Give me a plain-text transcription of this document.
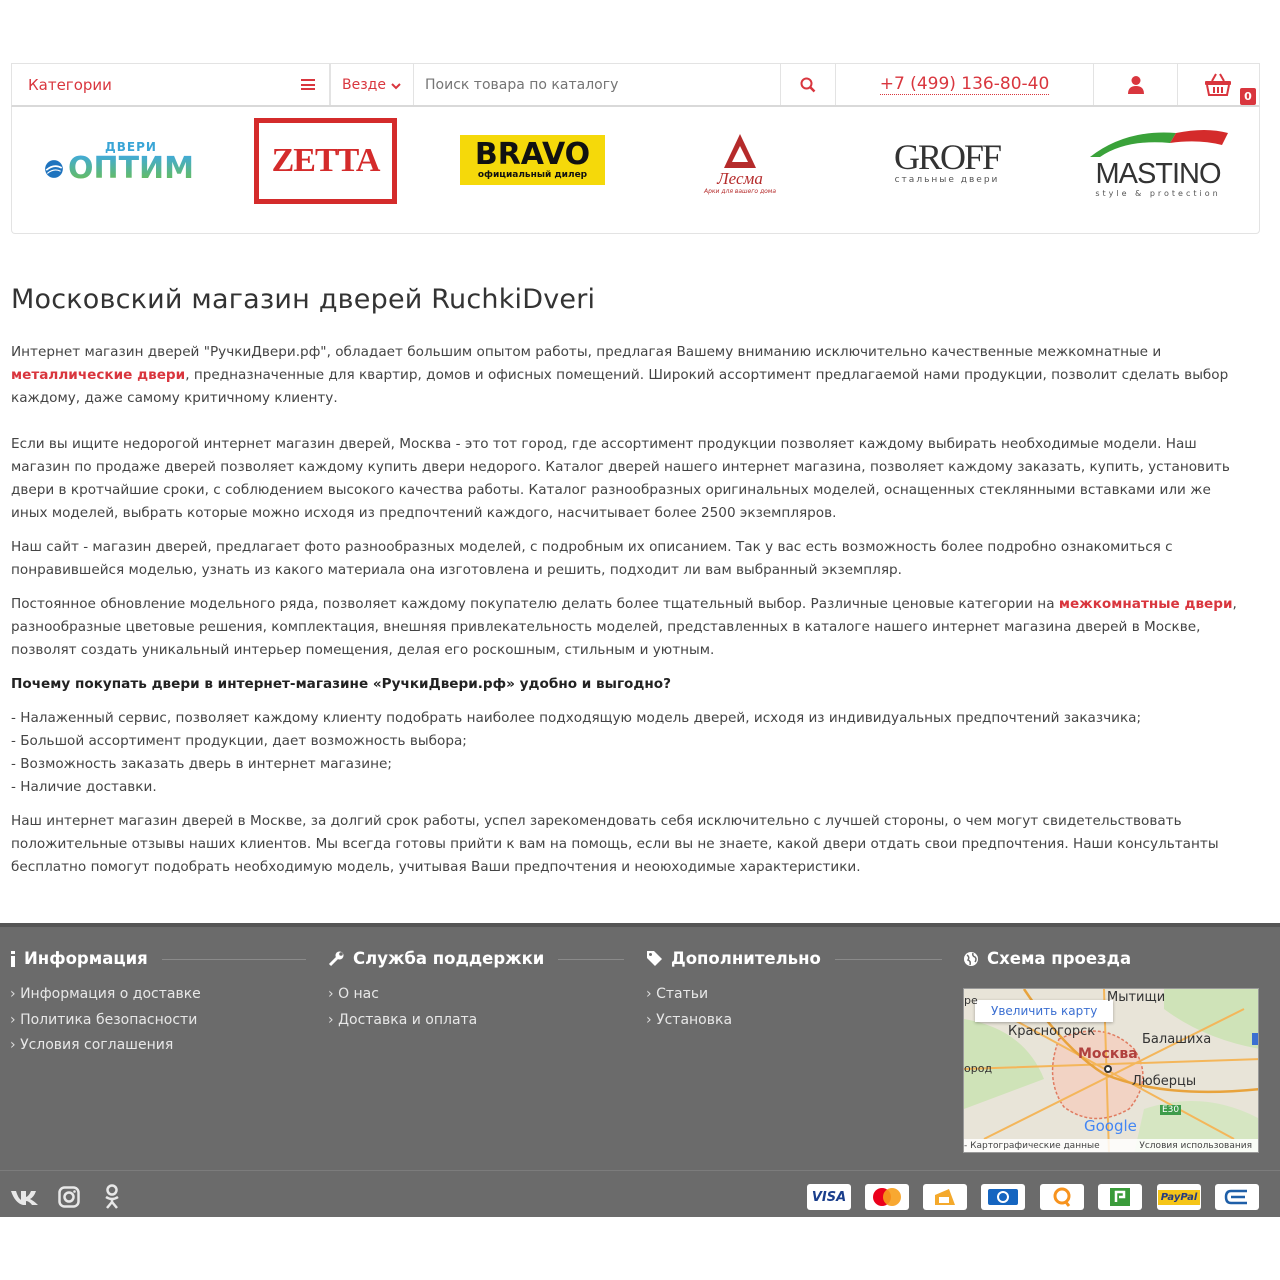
Категории	Везде
Поиск товара по каталогу	+7 (499) 136-80-40
0
ДВЕРИ
ОПТИМ ZETTA	BRAVO
официальный дилер	Лесма
Арки для вашего дома
GROFF
стальные двери	MASTINO
style & protection
Московский магазин дверей RuchkiDveri

Интернет магазин дверей "РучкиДвери.рф", обладает большим опытом работы, предлагая Вашему вниманию исключительно качественные межкомнатные и металлические двери, предназначенные для квартир, домов и офисных помещений. Широкий ассортимент предлагаемой нами продукции, позволит сделать выбор каждому, даже самому критичному клиенту.

Если вы ищите недорогой интернет магазин дверей, Москва - это тот город, где ассортимент продукции позволяет каждому выбирать необходимые модели. Наш магазин по продаже дверей позволяет каждому купить двери недорого. Каталог дверей нашего интернет магазина, позволяет каждому заказать, купить, установить двери в кротчайшие сроки, с соблюдением высокого качества работы. Каталог разнообразных оригинальных моделей, оснащенных стеклянными вставками или же иных моделей, выбрать которые можно исходя из предпочтений каждого, насчитывает более 2500 экземпляров.

Наш сайт - магазин дверей, предлагает фото разнообразных моделей, с подробным их описанием. Так у вас есть возможность более подробно ознакомиться с понравившейся моделью, узнать из какого материала она изготовлена и решить, подходит ли вам выбранный экземпляр.

Постоянное обновление модельного ряда, позволяет каждому покупателю делать более тщательный выбор. Различные ценовые категории на межкомнатные двери, разнообразные цветовые решения, комплектация, внешняя привлекательность моделей, представленных в каталоге нашего интернет магазина дверей в Москве, позволят создать уникальный интерьер помещения, делая его роскошным, стильным и уютным.

Почему покупать двери в интернет-магазине «РучкиДвери.рф» удобно и выгодно?

- Налаженный сервис, позволяет каждому клиенту подобрать наиболее подходящую модель дверей, исходя из индивидуальных предпочтений заказчика;
- Большой ассортимент продукции, дает возможность выбора;
- Возможность заказать дверь в интернет магазине;
- Наличие доставки.

Наш интернет магазин дверей в Москве, за долгий срок работы, успел зарекомендовать себя исключительно с лучшей стороны, о чем могут свидетельствовать положительные отзывы наших клиентов. Мы всегда готовы прийти к вам на помощь, если вы не знаете, какой двери отдать свои предпочтения. Наши консультанты бесплатно помогут подобрать необходимую модель, учитывая Ваши предпочтения и неоюходимые характеристики.

Информация
› Информация о доставке
› Политика безопасности
› Условия соглашения
Служба поддержки
› О нас
› Доставка и оплата
Дополнительно
› Статьи
› Установка
Схема проезда
Увеличить карту
Мытищи
Красногорск
Балашиха
Москва
Люберцы
E30
Google
ород
ре
- Картографические данные	Условия использования
VISA	PayPal
